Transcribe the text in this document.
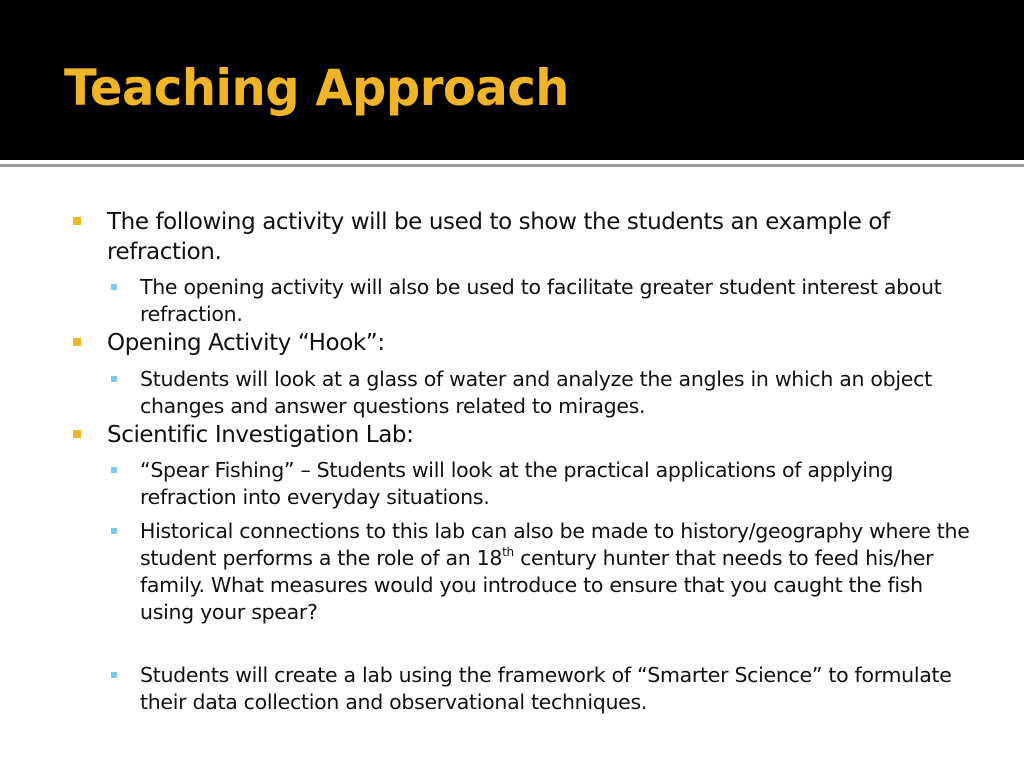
Teaching Approach
The following activity will be used to show the students an example of refraction.
The opening activity will also be used to facilitate greater student interest about refraction.
Opening Activity “Hook”:
Students will look at a glass of water and analyze the angles in which an object changes and answer questions related to mirages.
Scientific Investigation Lab:
“Spear Fishing” – Students will look at the practical applications of applying refraction into everyday situations.
Historical connections to this lab can also be made to history/geography where the student performs a the role of an 18th century hunter that needs to feed his/her family. What measures would you introduce to ensure that you caught the fish using your spear?
Students will create a lab using the framework of “Smarter Science” to formulate their data collection and observational techniques.
